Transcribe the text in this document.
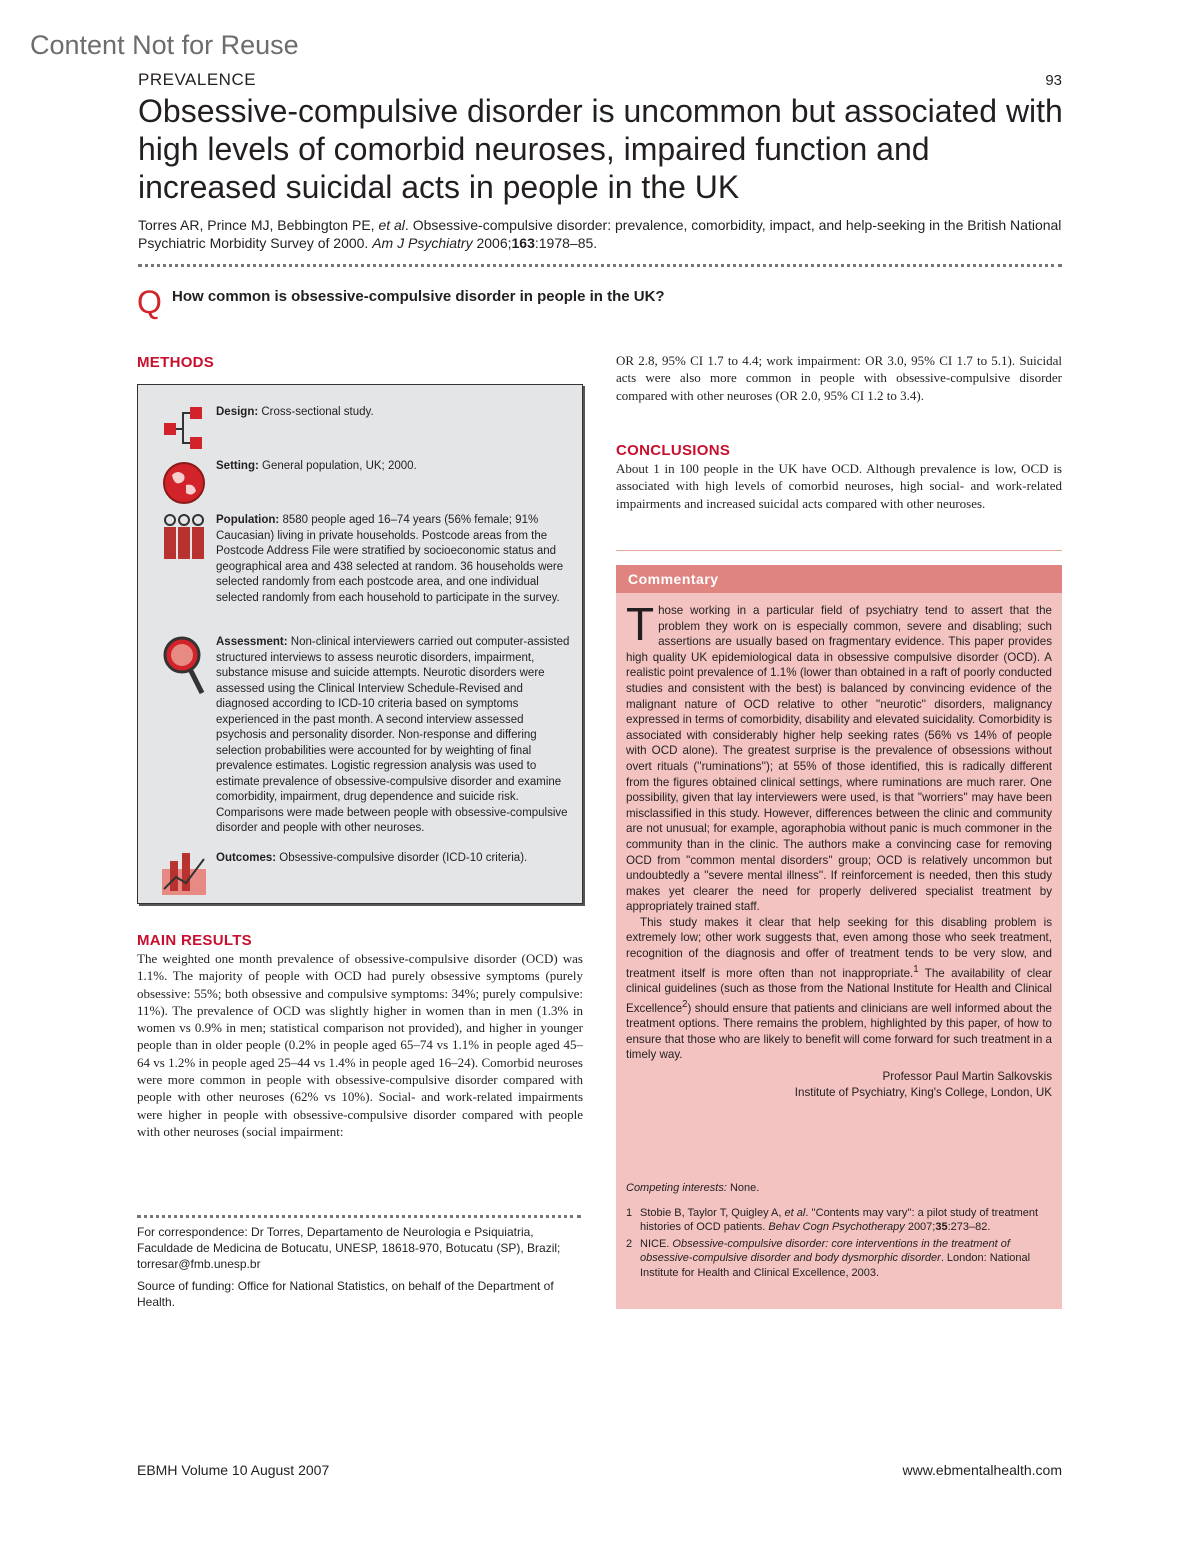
Content Not for Reuse
PREVALENCE	93
Obsessive-compulsive disorder is uncommon but associated with high levels of comorbid neuroses, impaired function and increased suicidal acts in people in the UK
Torres AR, Prince MJ, Bebbington PE, et al. Obsessive-compulsive disorder: prevalence, comorbidity, impact, and help-seeking in the British National Psychiatric Morbidity Survey of 2000. Am J Psychiatry 2006;163:1978–85.
Q How common is obsessive-compulsive disorder in people in the UK?
METHODS
Design: Cross-sectional study.
Setting: General population, UK; 2000.
Population: 8580 people aged 16–74 years (56% female; 91% Caucasian) living in private households. Postcode areas from the Postcode Address File were stratified by socioeconomic status and geographical area and 438 selected at random. 36 households were selected randomly from each postcode area, and one individual selected randomly from each household to participate in the survey.
Assessment: Non-clinical interviewers carried out computer-assisted structured interviews to assess neurotic disorders, impairment, substance misuse and suicide attempts. Neurotic disorders were assessed using the Clinical Interview Schedule-Revised and diagnosed according to ICD-10 criteria based on symptoms experienced in the past month. A second interview assessed psychosis and personality disorder. Non-response and differing selection probabilities were accounted for by weighting of final prevalence estimates. Logistic regression analysis was used to estimate prevalence of obsessive-compulsive disorder and examine comorbidity, impairment, drug dependence and suicide risk. Comparisons were made between people with obsessive-compulsive disorder and people with other neuroses.
Outcomes: Obsessive-compulsive disorder (ICD-10 criteria).
MAIN RESULTS
The weighted one month prevalence of obsessive-compulsive disorder (OCD) was 1.1%. The majority of people with OCD had purely obsessive symptoms (purely obsessive: 55%; both obsessive and compulsive symptoms: 34%; purely compulsive: 11%). The prevalence of OCD was slightly higher in women than in men (1.3% in women vs 0.9% in men; statistical comparison not provided), and higher in younger people than in older people (0.2% in people aged 65–74 vs 1.1% in people aged 45–64 vs 1.2% in people aged 25–44 vs 1.4% in people aged 16–24). Comorbid neuroses were more common in people with obsessive-compulsive disorder compared with people with other neuroses (62% vs 10%). Social- and work-related impairments were higher in people with obsessive-compulsive disorder compared with people with other neuroses (social impairment:
For correspondence: Dr Torres, Departamento de Neurologia e Psiquiatria, Faculdade de Medicina de Botucatu, UNESP, 18618-970, Botucatu (SP), Brazil; torresar@fmb.unesp.br
Source of funding: Office for National Statistics, on behalf of the Department of Health.
OR 2.8, 95% CI 1.7 to 4.4; work impairment: OR 3.0, 95% CI 1.7 to 5.1). Suicidal acts were also more common in people with obsessive-compulsive disorder compared with other neuroses (OR 2.0, 95% CI 1.2 to 3.4).
CONCLUSIONS
About 1 in 100 people in the UK have OCD. Although prevalence is low, OCD is associated with high levels of comorbid neuroses, high social- and work-related impairments and increased suicidal acts compared with other neuroses.
Commentary
Those working in a particular field of psychiatry tend to assert that the problem they work on is especially common, severe and disabling; such assertions are usually based on fragmentary evidence. This paper provides high quality UK epidemiological data in obsessive compulsive disorder (OCD). A realistic point prevalence of 1.1% (lower than obtained in a raft of poorly conducted studies and consistent with the best) is balanced by convincing evidence of the malignant nature of OCD relative to other ''neurotic'' disorders, malignancy expressed in terms of comorbidity, disability and elevated suicidality. Comorbidity is associated with considerably higher help seeking rates (56% vs 14% of people with OCD alone). The greatest surprise is the prevalence of obsessions without overt rituals (''ruminations''); at 55% of those identified, this is radically different from the figures obtained clinical settings, where ruminations are much rarer. One possibility, given that lay interviewers were used, is that ''worriers'' may have been misclassified in this study. However, differences between the clinic and community are not unusual; for example, agoraphobia without panic is much commoner in the community than in the clinic. The authors make a convincing case for removing OCD from ''common mental disorders'' group; OCD is relatively uncommon but undoubtedly a ''severe mental illness''. If reinforcement is needed, then this study makes yet clearer the need for properly delivered specialist treatment by appropriately trained staff.
This study makes it clear that help seeking for this disabling problem is extremely low; other work suggests that, even among those who seek treatment, recognition of the diagnosis and offer of treatment tends to be very slow, and treatment itself is more often than not inappropriate.$^1$ The availability of clear clinical guidelines (such as those from the National Institute for Health and Clinical Excellence$^2$) should ensure that patients and clinicians are well informed about the treatment options. There remains the problem, highlighted by this paper, of how to ensure that those who are likely to benefit will come forward for such treatment in a timely way.
Professor Paul Martin Salkovskis
Institute of Psychiatry, King's College, London, UK
Competing interests: None.
1 Stobie B, Taylor T, Quigley A, et al. ''Contents may vary'': a pilot study of treatment histories of OCD patients. Behav Cogn Psychotherapy 2007;35:273–82.
2 NICE. Obsessive-compulsive disorder: core interventions in the treatment of obsessive-compulsive disorder and body dysmorphic disorder. London: National Institute for Health and Clinical Excellence, 2003.
EBMH Volume 10 August 2007	www.ebmentalhealth.com
